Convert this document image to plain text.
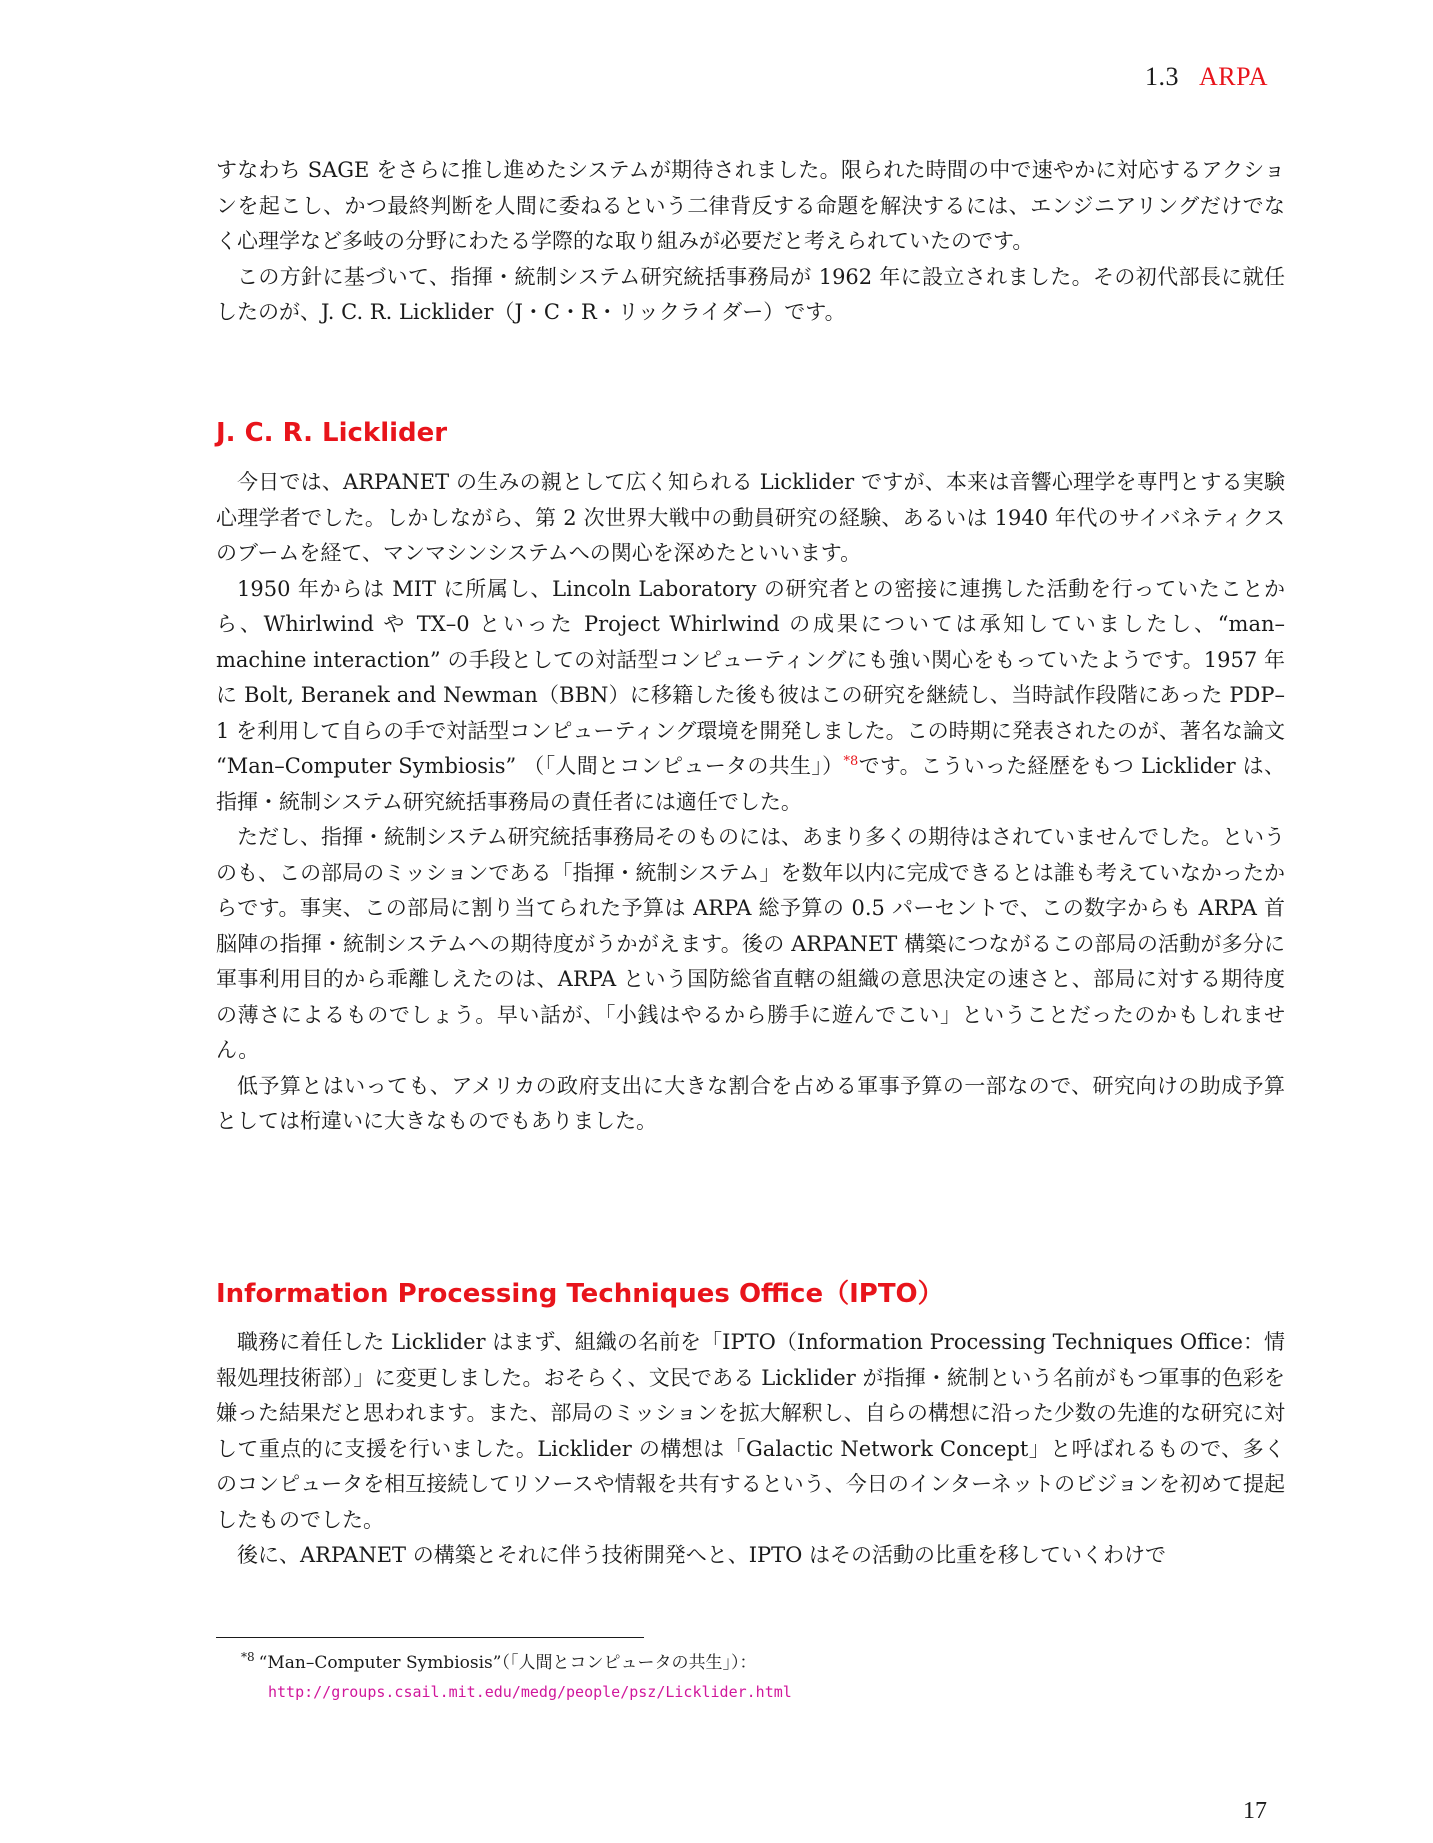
1.3 ARPA

すなわち SAGE をさらに推し進めたシステムが期待されました。限られた時間の中で速やかに対応するアクションを起こし、かつ最終判断を人間に委ねるという二律背反する命題を解決するには、エンジニアリングだけでなく心理学など多岐の分野にわたる学際的な取り組みが必要だと考えられていたのです。

この方針に基づいて、指揮・統制システム研究統括事務局が 1962 年に設立されました。その初代部長に就任したのが、J. C. R. Licklider（J・C・R・リックライダー）です。

J. C. R. Licklider

今日では、ARPANET の生みの親として広く知られる Licklider ですが、本来は音響心理学を専門とする実験心理学者でした。しかしながら、第 2 次世界大戦中の動員研究の経験、あるいは 1940 年代のサイバネティクスのブームを経て、マンマシンシステムへの関心を深めたといいます。

1950 年からは MIT に所属し、Lincoln Laboratory の研究者との密接に連携した活動を行っていたことから、Whirlwind や TX–0 といった Project Whirlwind の成果については承知していましたし、“man–machine interaction” の手段としての対話型コンピューティングにも強い関心をもっていたようです。1957 年に Bolt, Beranek and Newman（BBN）に移籍した後も彼はこの研究を継続し、当時試作段階にあった PDP–1 を利用して自らの手で対話型コンピューティング環境を開発しました。この時期に発表されたのが、著名な論文 “Man–Computer Symbiosis” （「人間とコンピュータの共生」）$^{*8}$です。こういった経歴をもつ Licklider は、指揮・統制システム研究統括事務局の責任者には適任でした。

ただし、指揮・統制システム研究統括事務局そのものには、あまり多くの期待はされていませんでした。というのも、この部局のミッションである「指揮・統制システム」を数年以内に完成できるとは誰も考えていなかったからです。事実、この部局に割り当てられた予算は ARPA 総予算の 0.5 パーセントで、この数字からも ARPA 首脳陣の指揮・統制システムへの期待度がうかがえます。後の ARPANET 構築につながるこの部局の活動が多分に軍事利用目的から乖離しえたのは、ARPA という国防総省直轄の組織の意思決定の速さと、部局に対する期待度の薄さによるものでしょう。早い話が、「小銭はやるから勝手に遊んでこい」ということだったのかもしれません。

低予算とはいっても、アメリカの政府支出に大きな割合を占める軍事予算の一部なので、研究向けの助成予算としては桁違いに大きなものでもありました。

Information Processing Techniques Office（IPTO）

職務に着任した Licklider はまず、組織の名前を「IPTO（Information Processing Techniques Office：情報処理技術部）」に変更しました。おそらく、文民である Licklider が指揮・統制という名前がもつ軍事的色彩を嫌った結果だと思われます。また、部局のミッションを拡大解釈し、自らの構想に沿った少数の先進的な研究に対して重点的に支援を行いました。Licklider の構想は「Galactic Network Concept」と呼ばれるもので、多くのコンピュータを相互接続してリソースや情報を共有するという、今日のインターネットのビジョンを初めて提起したものでした。

後に、ARPANET の構築とそれに伴う技術開発へと、IPTO はその活動の比重を移していくわけで

$^{*8}$ “Man–Computer Symbiosis”（「人間とコンピュータの共生」）：
http://groups.csail.mit.edu/medg/people/psz/Licklider.html
17
